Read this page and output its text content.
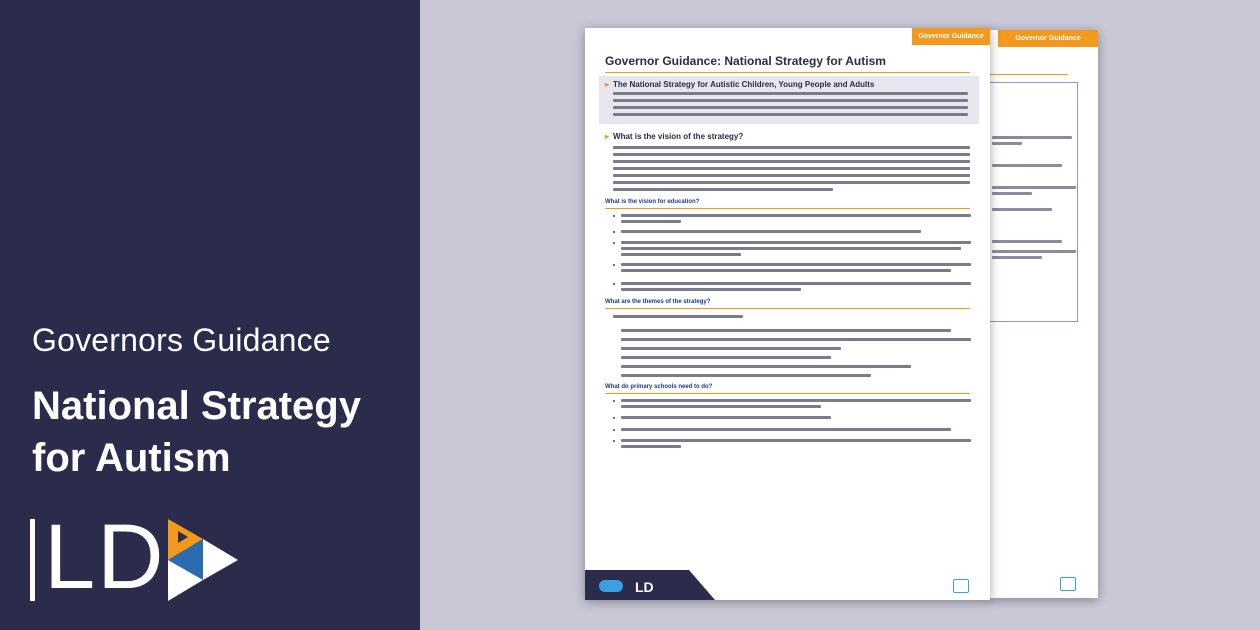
Governors Guidance
National Strategy for Autism
LD
Governor Guidance
Governor Guidance
Governor Guidance: National Strategy for Autism
▸ The National Strategy for Autistic Children, Young People and Adults
▸ What is the vision of the strategy?
What is the vision for education?
What are the themes of the strategy?
What do primary schools need to do?
LD
